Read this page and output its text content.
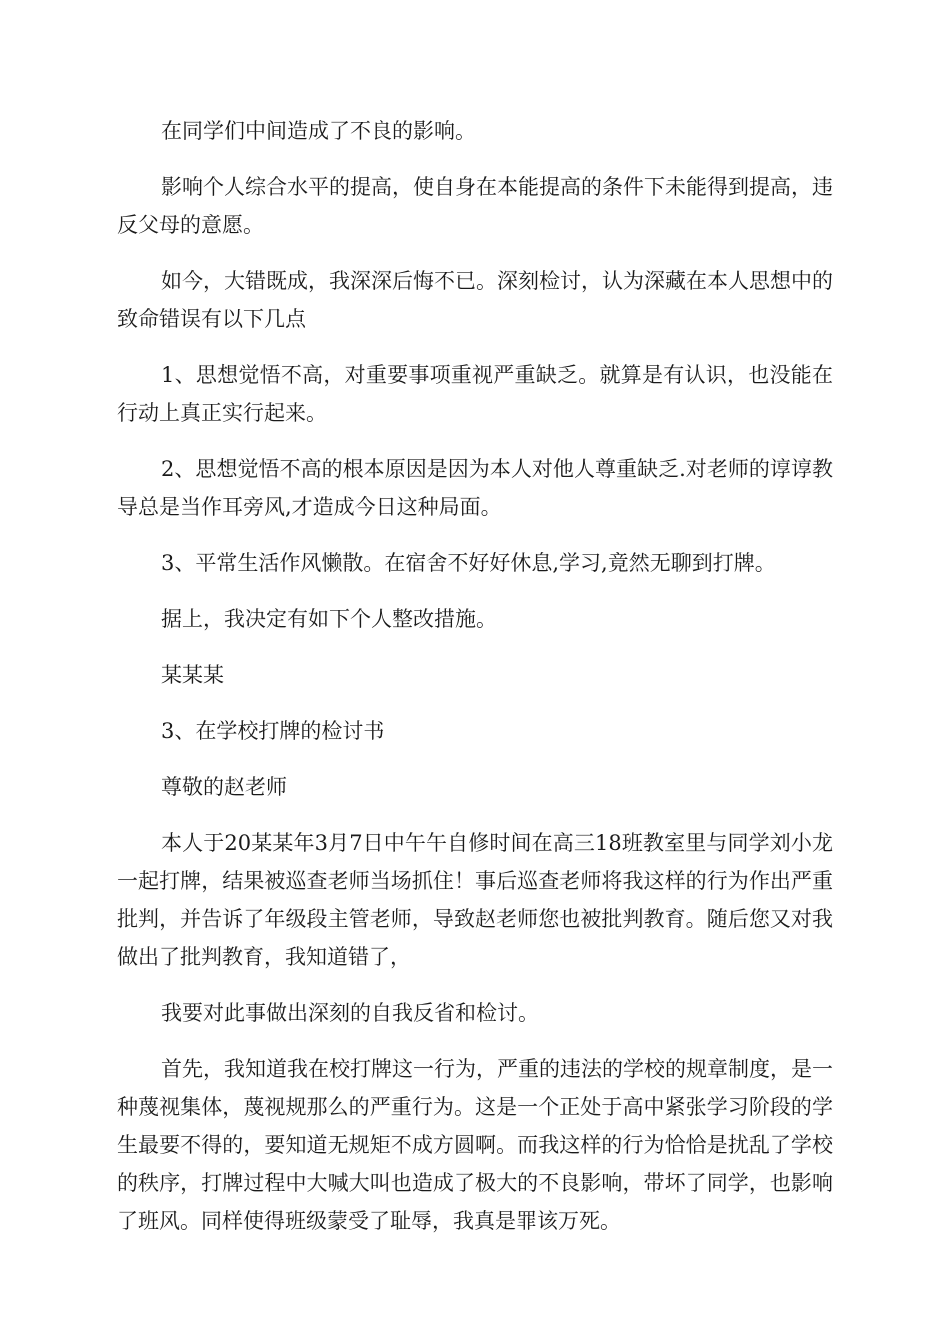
在同学们中间造成了不良的影响。

影响个人综合水平的提高，使自身在本能提高的条件下未能得到提高，违反父母的意愿。

如今，大错既成，我深深后悔不已。深刻检讨，认为深藏在本人思想中的致命错误有以下几点

1、思想觉悟不高，对重要事项重视严重缺乏。就算是有认识，也没能在行动上真正实行起来。

2、思想觉悟不高的根本原因是因为本人对他人尊重缺乏.对老师的谆谆教导总是当作耳旁风,才造成今日这种局面。

3、平常生活作风懒散。在宿舍不好好休息,学习,竟然无聊到打牌。

据上，我决定有如下个人整改措施。

某某某

3、在学校打牌的检讨书

尊敬的赵老师

本人于20某某年3月7日中午午自修时间在高三18班教室里与同学刘小龙一起打牌，结果被巡查老师当场抓住！事后巡查老师将我这样的行为作出严重批判，并告诉了年级段主管老师，导致赵老师您也被批判教育。随后您又对我做出了批判教育，我知道错了，

我要对此事做出深刻的自我反省和检讨。

首先，我知道我在校打牌这一行为，严重的违法的学校的规章制度，是一种蔑视集体，蔑视规那么的严重行为。这是一个正处于高中紧张学习阶段的学生最要不得的，要知道无规矩不成方圆啊。而我这样的行为恰恰是扰乱了学校的秩序，打牌过程中大喊大叫也造成了极大的不良影响，带坏了同学，也影响了班风。同样使得班级蒙受了耻辱，我真是罪该万死。
